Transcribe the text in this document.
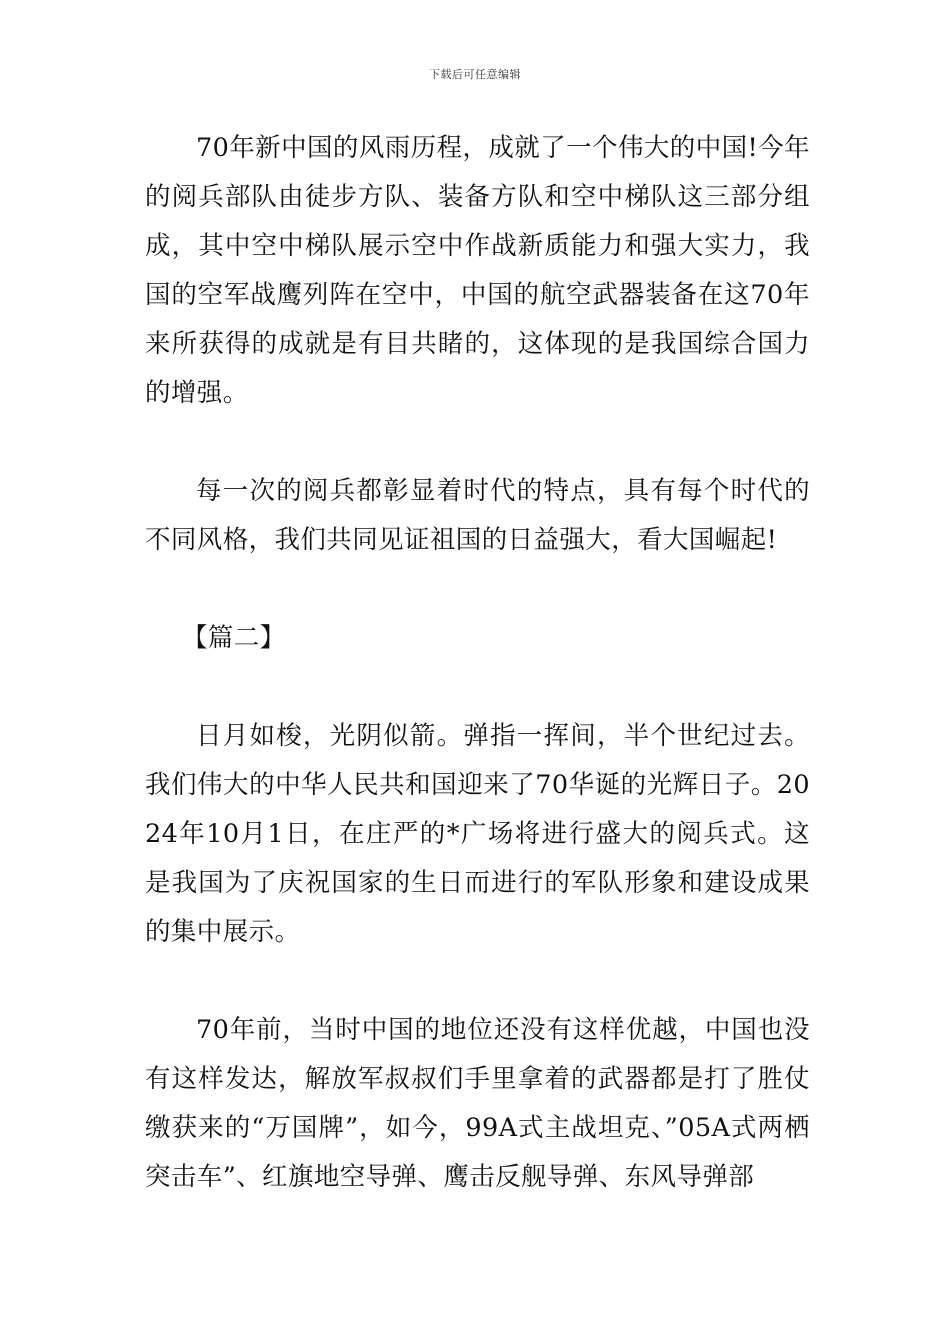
下载后可任意编辑

70年新中国的风雨历程，成就了一个伟大的中国!今年的阅兵部队由徒步方队、装备方队和空中梯队这三部分组成，其中空中梯队展示空中作战新质能力和强大实力，我国的空军战鹰列阵在空中，中国的航空武器装备在这70年来所获得的成就是有目共睹的，这体现的是我国综合国力的增强。

每一次的阅兵都彰显着时代的特点，具有每个时代的不同风格，我们共同见证祖国的日益强大，看大国崛起!

【篇二】

日月如梭，光阴似箭。弹指一挥间，半个世纪过去。我们伟大的中华人民共和国迎来了70华诞的光辉日子。2024年10月1日，在庄严的*广场将进行盛大的阅兵式。这是我国为了庆祝国家的生日而进行的军队形象和建设成果的集中展示。

70年前，当时中国的地位还没有这样优越，中国也没有这样发达，解放军叔叔们手里拿着的武器都是打了胜仗缴获来的“万国牌”，如今，99A式主战坦克、”05A式两栖突击车”、红旗地空导弹、鹰击反舰导弹、东风导弹部
